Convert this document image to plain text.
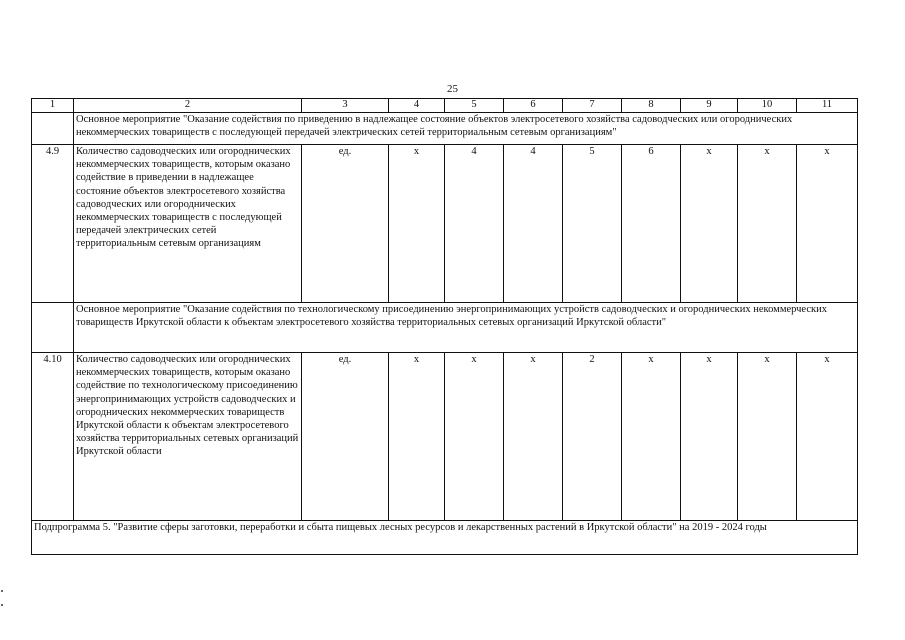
25
1	2	3	4	5	6	7	8	9	10	11
	Основное мероприятие "Оказание содействия по приведению в надлежащее состояние объектов электросетевого хозяйства садоводческих или огороднических некоммерческих товариществ с последующей передачей электрических сетей территориальным сетевым организациям"									
4.9	Количество садоводческих или огороднических некоммерческих товариществ, которым оказано содействие в приведении в надлежащее состояние объектов электросетевого хозяйства садоводческих или огороднических некоммерческих товариществ с последующей передачей электрических сетей территориальным сетевым организациям	ед.	х	4	4	5	6	х	х	х
	Основное мероприятие "Оказание содействия по технологическому присоединению энергопринимающих устройств садоводческих и огороднических некоммерческих товариществ Иркутской области к объектам электросетевого хозяйства территориальных сетевых организаций Иркутской области"									
4.10	Количество садоводческих или огороднических некоммерческих товариществ, которым оказано содействие по технологическому присоединению энергопринимающих устройств садоводческих и огороднических некоммерческих товариществ Иркутской области к объектам электросетевого хозяйства территориальных сетевых организаций Иркутской области	ед.	х	х	х	2	х	х	х	х
Подпрограмма 5. "Развитие сферы заготовки, переработки и сбыта пищевых лесных ресурсов и лекарственных растений в Иркутской области" на 2019 - 2024 годы										
